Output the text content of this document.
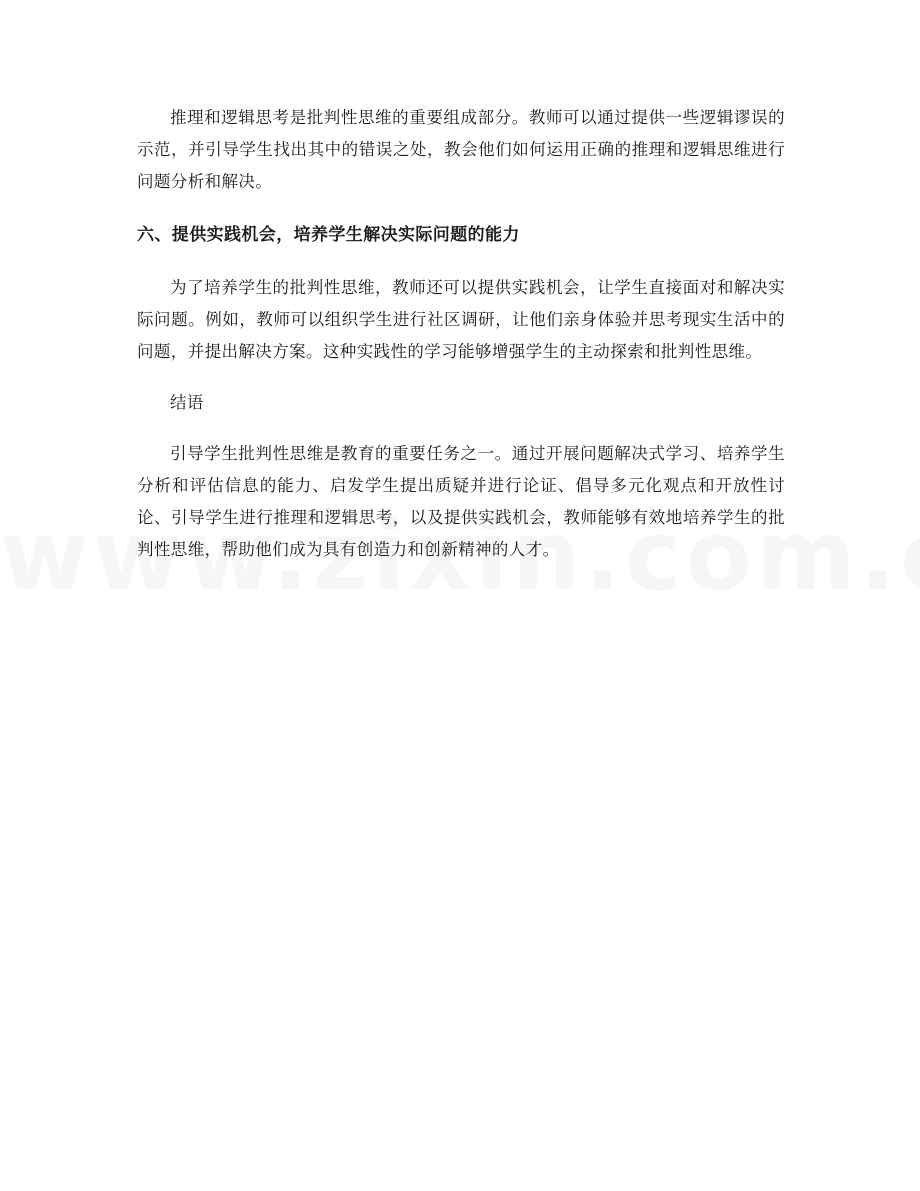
推理和逻辑思考是批判性思维的重要组成部分。教师可以通过提供一些逻辑谬误的示范，并引导学生找出其中的错误之处，教会他们如何运用正确的推理和逻辑思维进行问题分析和解决。

六、提供实践机会，培养学生解决实际问题的能力

为了培养学生的批判性思维，教师还可以提供实践机会，让学生直接面对和解决实际问题。例如，教师可以组织学生进行社区调研，让他们亲身体验并思考现实生活中的问题，并提出解决方案。这种实践性的学习能够增强学生的主动探索和批判性思维。

结语

引导学生批判性思维是教育的重要任务之一。通过开展问题解决式学习、培养学生分析和评估信息的能力、启发学生提出质疑并进行论证、倡导多元化观点和开放性讨论、引导学生进行推理和逻辑思考，以及提供实践机会，教师能够有效地培养学生的批判性思维，帮助他们成为具有创造力和创新精神的人才。
